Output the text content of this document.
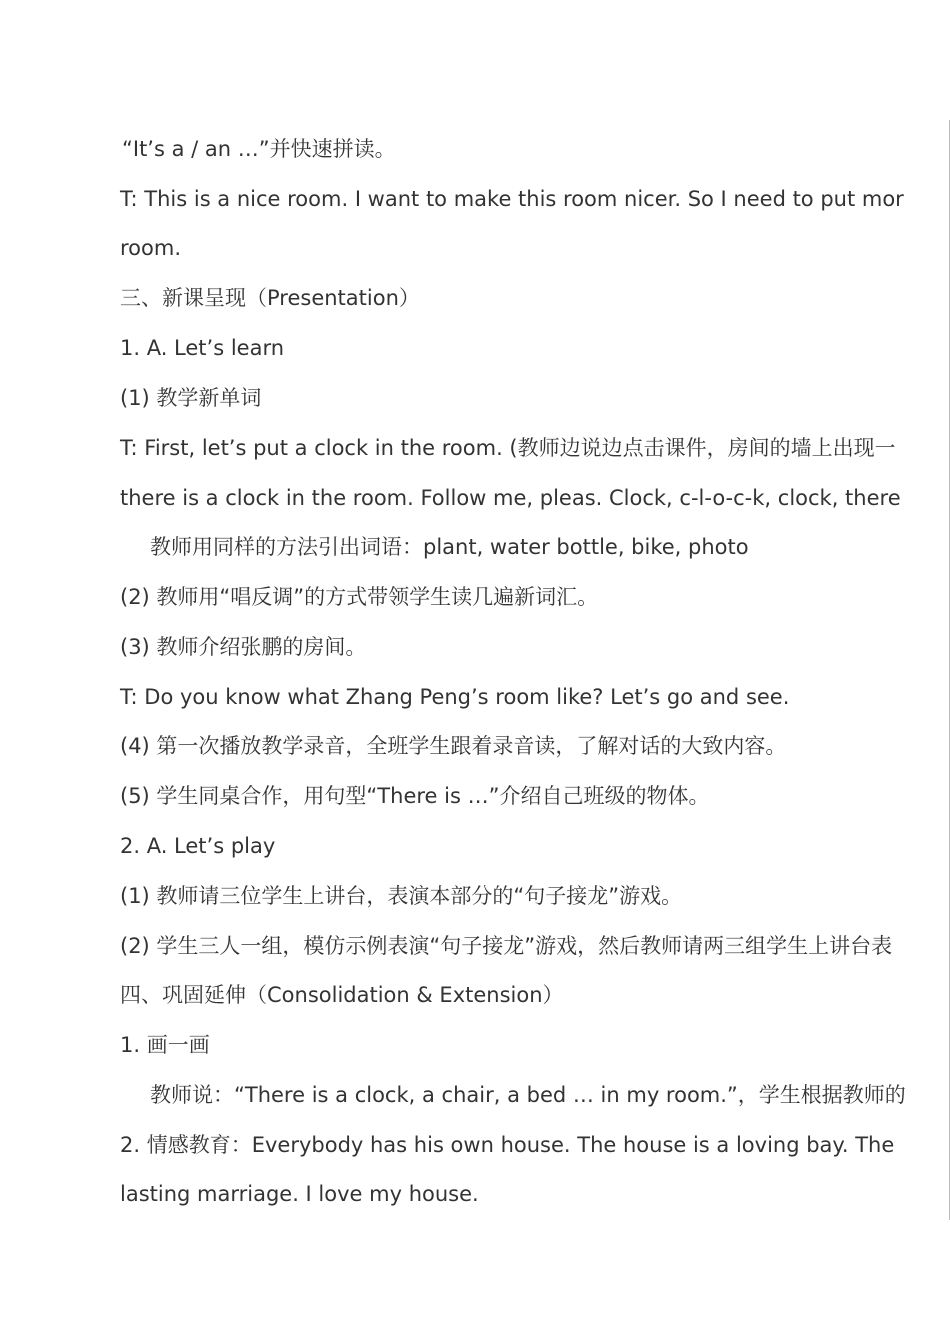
“It’s a / an …”并快速拼读。
T: This is a nice room. I want to make this room nicer. So I need to put mor
room.
三、新课呈现（Presentation）
1. A. Let’s learn
(1) 教学新单词
T: First, let’s put a clock in the room. (教师边说边点击课件，房间的墙上出现一
there is a clock in the room. Follow me, pleas. Clock, c-l-o-c-k, clock, there
教师用同样的方法引出词语：plant, water bottle, bike, photo
(2) 教师用“唱反调”的方式带领学生读几遍新词汇。
(3) 教师介绍张鹏的房间。
T: Do you know what Zhang Peng’s room like? Let’s go and see.
(4) 第一次播放教学录音，全班学生跟着录音读，了解对话的大致内容。
(5) 学生同桌合作，用句型“There is …”介绍自己班级的物体。
2. A. Let’s play
(1) 教师请三位学生上讲台，表演本部分的“句子接龙”游戏。
(2) 学生三人一组，模仿示例表演“句子接龙”游戏，然后教师请两三组学生上讲台表
四、巩固延伸（Consolidation & Extension）
1. 画一画
教师说：“There is a clock, a chair, a bed … in my room.”，学生根据教师的
2. 情感教育：Everybody has his own house. The house is a loving bay. The
lasting marriage. I love my house.
